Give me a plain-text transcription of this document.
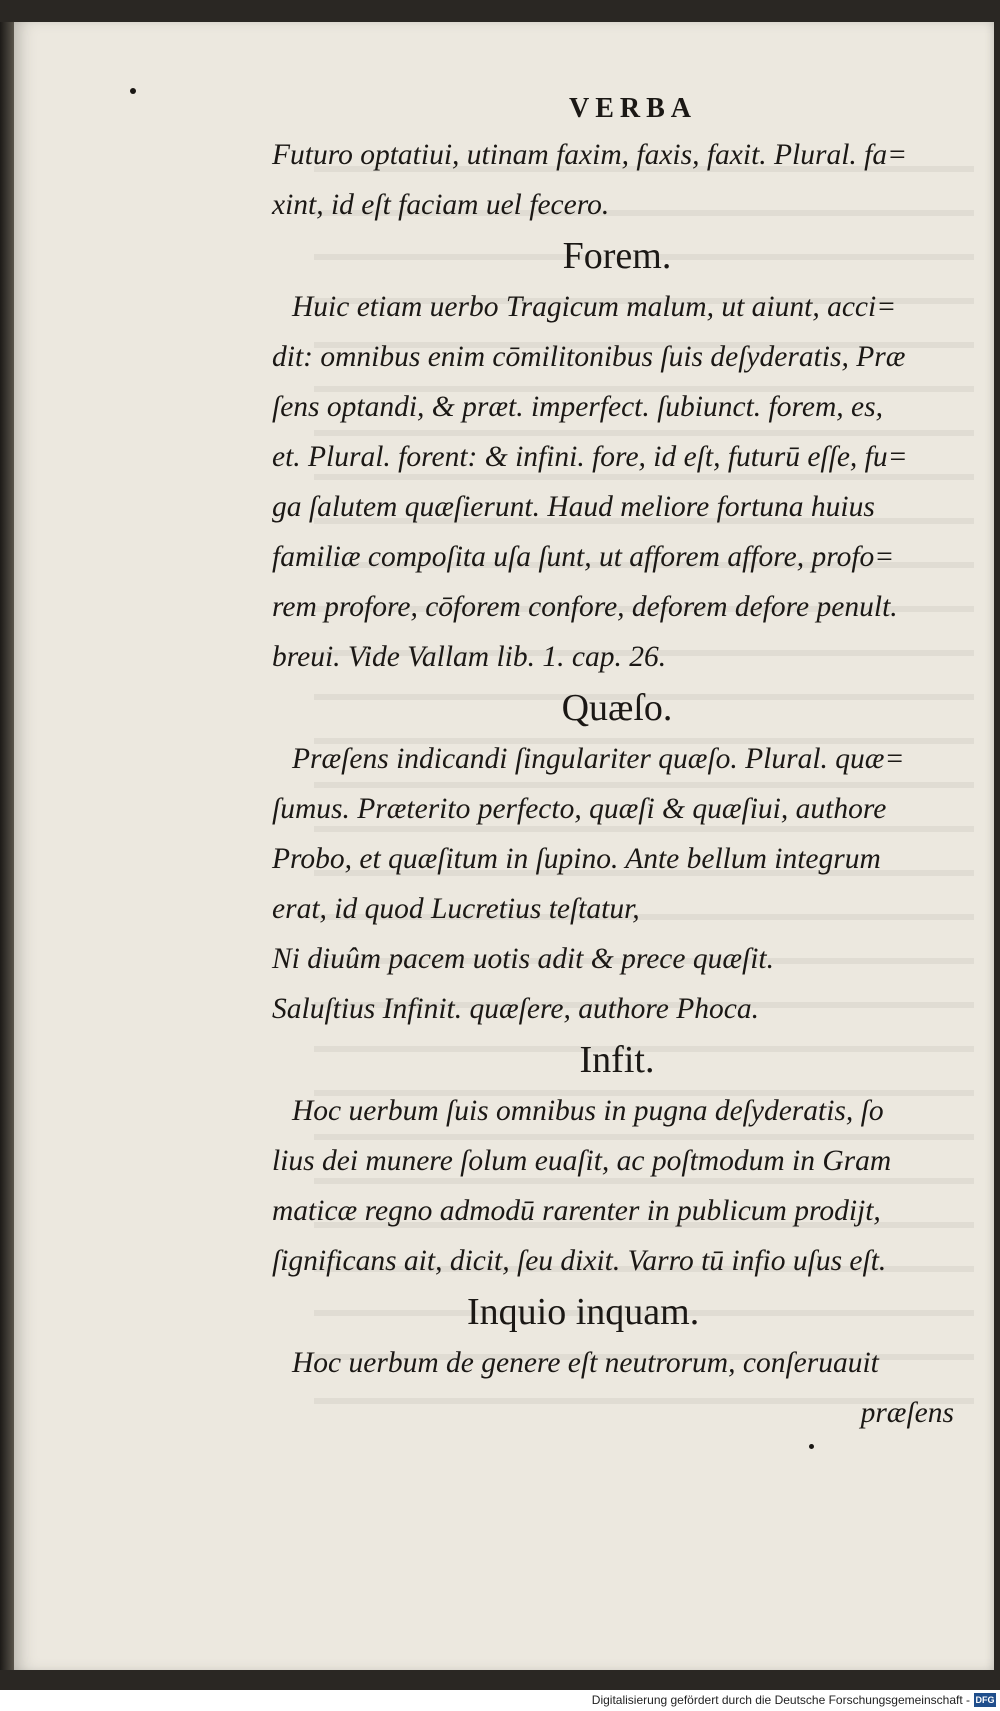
VERBA
Futuro optatiui, utinam faxim, faxis, faxit. Plural. fa=
xint, id eſt faciam uel fecero.
Forem.
Huic etiam uerbo Tragicum malum, ut aiunt, acci=
dit: omnibus enim cōmilitonibus ſuis deſyderatis, Præ
ſens optandi, & præt. imperfect. ſubiunct. forem, es,
et. Plural. forent: & infini. fore, id eſt, futurū eſſe, fu=
ga ſalutem quæſierunt. Haud meliore fortuna huius
familiæ compoſita uſa ſunt, ut afforem affore, profo=
rem profore, cōforem confore, deforem defore penult.
breui. Vide Vallam lib. 1. cap. 26.
Quæſo.
Præſens indicandi ſingulariter quæſo. Plural. quæ=
ſumus. Præterito perfecto, quæſi & quæſiui, authore
Probo, et quæſitum in ſupino. Ante bellum integrum
erat, id quod Lucretius teſtatur,
Ni diuûm pacem uotis adit & prece quæſit.
Saluſtius Infinit. quæſere, authore Phoca.
Infit.
Hoc uerbum ſuis omnibus in pugna deſyderatis, ſo
lius dei munere ſolum euaſit, ac poſtmodum in Gram
maticæ regno admodū rarenter in publicum prodijt,
ſignificans ait, dicit, ſeu dixit. Varro tū infio uſus eſt.
Inquio inquam.
Hoc uerbum de genere eſt neutrorum, conſeruauit
præſens
Digitalisierung gefördert durch die Deutsche Forschungsgemeinschaft - DFG
